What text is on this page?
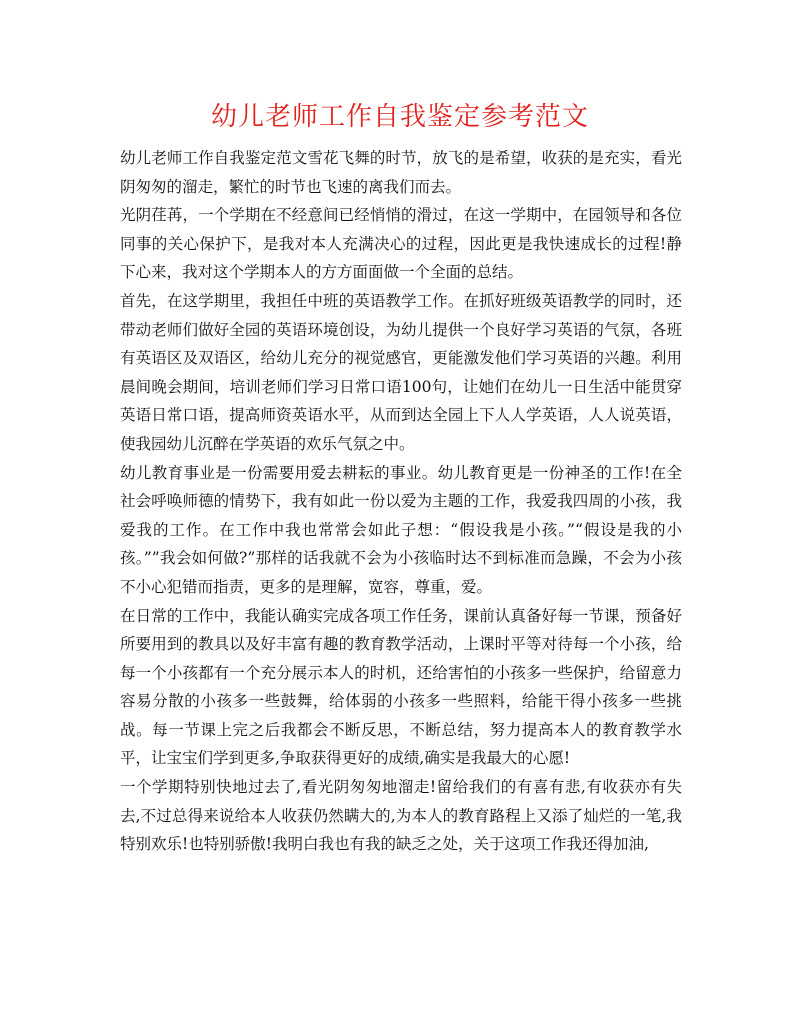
幼儿老师工作自我鉴定参考范文

幼儿老师工作自我鉴定范文雪花飞舞的时节，放飞的是希望，收获的是充实，看光阴匆匆的溜走，繁忙的时节也飞速的离我们而去。

光阴荏苒，一个学期在不经意间已经悄悄的滑过，在这一学期中，在园领导和各位同事的关心保护下，是我对本人充满决心的过程，因此更是我快速成长的过程!静下心来，我对这个学期本人的方方面面做一个全面的总结。

首先，在这学期里，我担任中班的英语教学工作。在抓好班级英语教学的同时，还带动老师们做好全园的英语环境创设，为幼儿提供一个良好学习英语的气氛，各班有英语区及双语区，给幼儿充分的视觉感官，更能激发他们学习英语的兴趣。利用晨间晚会期间，培训老师们学习日常口语100句，让她们在幼儿一日生活中能贯穿英语日常口语，提高师资英语水平，从而到达全园上下人人学英语，人人说英语，使我园幼儿沉醉在学英语的欢乐气氛之中。

幼儿教育事业是一份需要用爱去耕耘的事业。幼儿教育更是一份神圣的工作!在全社会呼唤师德的情势下，我有如此一份以爱为主题的工作，我爱我四周的小孩，我爱我的工作。在工作中我也常常会如此子想：“假设我是小孩。”“假设是我的小孩。””我会如何做?”那样的话我就不会为小孩临时达不到标准而急躁，不会为小孩不小心犯错而指责，更多的是理解，宽容，尊重，爱。

在日常的工作中，我能认确实完成各项工作任务，课前认真备好每一节课，预备好所要用到的教具以及好丰富有趣的教育教学活动，上课时平等对待每一个小孩，给每一个小孩都有一个充分展示本人的时机，还给害怕的小孩多一些保护，给留意力容易分散的小孩多一些鼓舞，给体弱的小孩多一些照料，给能干得小孩多一些挑战。每一节课上完之后我都会不断反思，不断总结，努力提高本人的教育教学水平，让宝宝们学到更多,争取获得更好的成绩,确实是我最大的心愿!

一个学期特别快地过去了,看光阴匆匆地溜走!留给我们的有喜有悲,有收获亦有失去,不过总得来说给本人收获仍然瞒大的,为本人的教育路程上又添了灿烂的一笔,我特别欢乐!也特别骄傲!我明白我也有我的缺乏之处，关于这项工作我还得加油,
